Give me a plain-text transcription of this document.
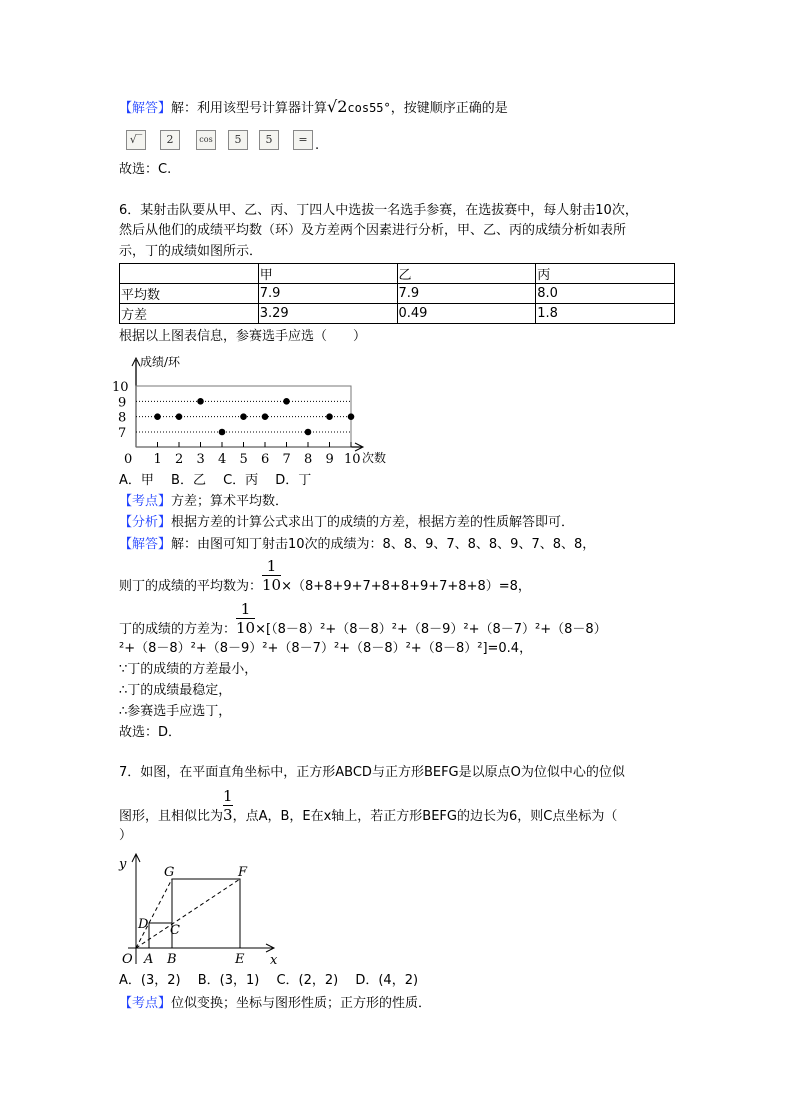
【解答】解：利用该型号计算器计算√2cos55°，按键顺序正确的是
√‾	2	cos	5	5	= .
故选：C.
6．某射击队要从甲、乙、丙、丁四人中选拔一名选手参赛，在选拔赛中，每人射击10次，
然后从他们的成绩平均数（环）及方差两个因素进行分析，甲、乙、丙的成绩分析如表所
示，丁的成绩如图所示．
	甲	乙	丙
平均数	7.9	7.9	8.0
方差	3.29	0.49	1.8
根据以上图表信息，参赛选手应选（　　）
成绩/环
次数
7
8
9
10
0 1 2 3 4 5 6 7 8 9 10
A．甲　 B．乙　 C．丙　 D．丁
【考点】方差；算术平均数．
【分析】根据方差的计算公式求出丁的成绩的方差，根据方差的性质解答即可．
【解答】解：由图可知丁射击10次的成绩为：8、8、9、7、8、8、9、7、8、8，
则丁的成绩的平均数为： $\frac{1}{10} \times(8+8+9+7+8+8+9+7+8+8)=8$，
丁的成绩的方差为： $\frac{1}{10} \times[(8-8)^2+(8-8)^2+(8-9)^2+(8-7)^2+(8-8)$
²+（8－8）²+（8－9）²+（8－7）²+（8－8）²+（8－8）²]=0.4，
∵丁的成绩的方差最小，
∴丁的成绩最稳定，
∴参赛选手应选丁，
故选：D．
7．如图，在平面直角坐标中，正方形ABCD与正方形BEFG是以原点O为位似中心的位似
图形，且相似比为 $\frac{1}{3}$ ，点A，B，E在x轴上，若正方形BEFG的边长为6，则C点坐标为（
）
y
x
O A B	E
C
D
G	F
A．(3，2)　 B．(3，1)　 C．(2，2)　 D．(4，2)
【考点】位似变换；坐标与图形性质；正方形的性质．
